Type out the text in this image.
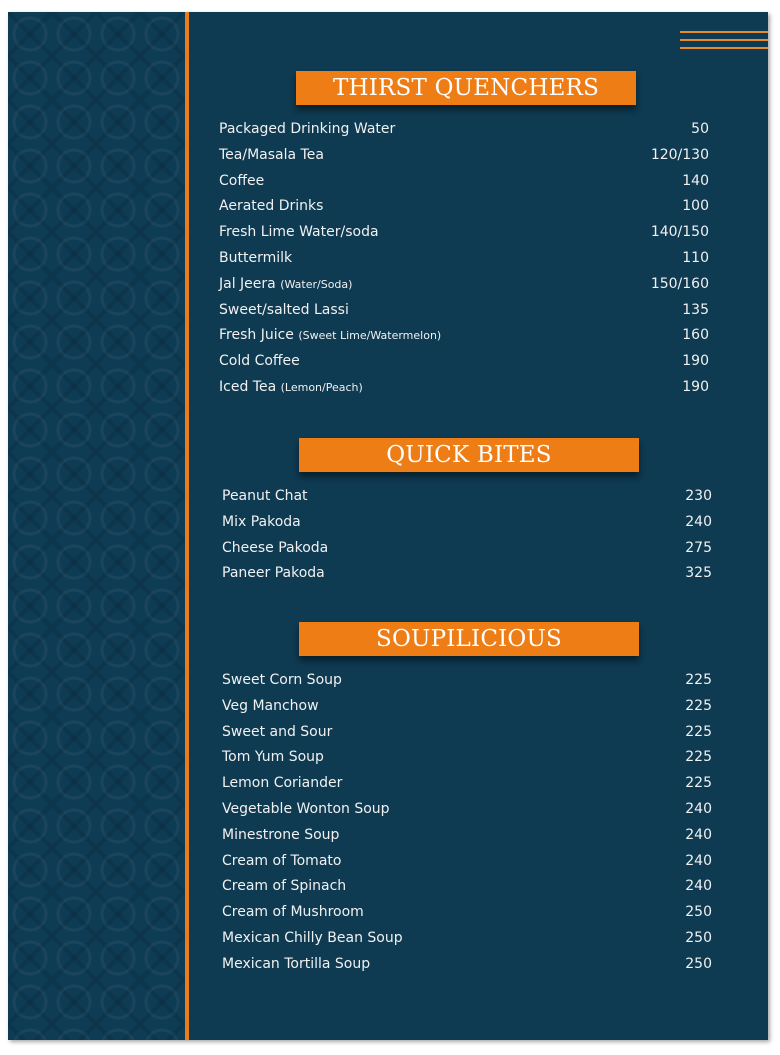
THIRST QUENCHERS
Packaged Drinking Water	50
Tea/Masala Tea	120/130
Coffee	140
Aerated Drinks	100
Fresh Lime Water/soda	140/150
Buttermilk	110
Jal Jeera (Water/Soda)	150/160
Sweet/salted Lassi	135
Fresh Juice (Sweet Lime/Watermelon)	160
Cold Coffee	190
Iced Tea (Lemon/Peach)	190
QUICK BITES
Peanut Chat	230
Mix Pakoda	240
Cheese Pakoda	275
Paneer Pakoda	325
SOUPILICIOUS
Sweet Corn Soup	225
Veg Manchow	225
Sweet and Sour	225
Tom Yum Soup	225
Lemon Coriander	225
Vegetable Wonton Soup	240
Minestrone Soup	240
Cream of Tomato	240
Cream of Spinach	240
Cream of Mushroom	250
Mexican Chilly Bean Soup	250
Mexican Tortilla Soup	250
